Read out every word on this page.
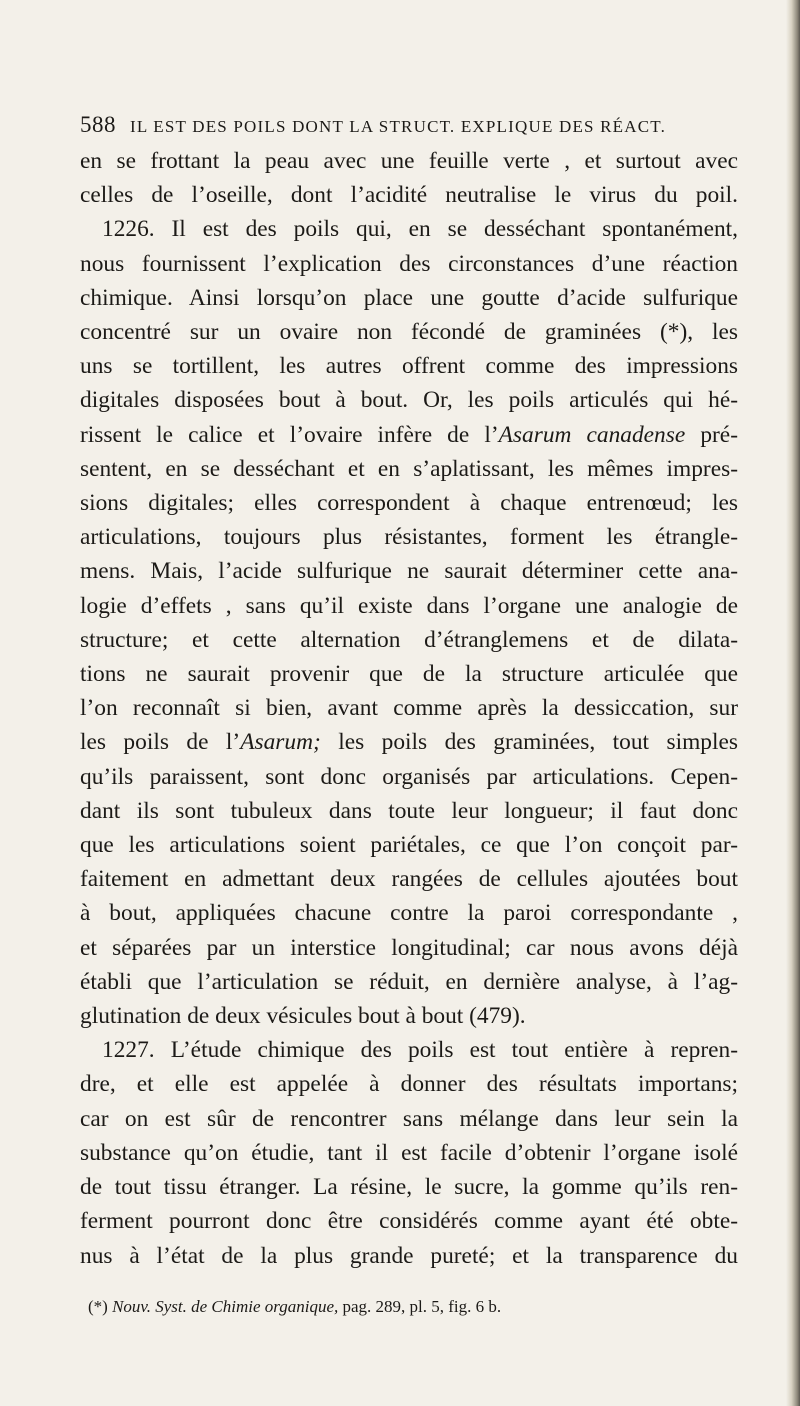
588 IL EST DES POILS DONT LA STRUCT. EXPLIQUE DES RÉACT.
en se frottant la peau avec une feuille verte , et surtout avec
celles de l’oseille, dont l’acidité neutralise le virus du poil.
1226. Il est des poils qui, en se desséchant spontanément,
nous fournissent l’explication des circonstances d’une réaction
chimique. Ainsi lorsqu’on place une goutte d’acide sulfurique
concentré sur un ovaire non fécondé de graminées (*), les
uns se tortillent, les autres offrent comme des impressions
digitales disposées bout à bout. Or, les poils articulés qui hé-
rissent le calice et l’ovaire infère de l’Asarum canadense pré-
sentent, en se desséchant et en s’aplatissant, les mêmes impres-
sions digitales; elles correspondent à chaque entrenœud; les
articulations, toujours plus résistantes, forment les étrangle-
mens. Mais, l’acide sulfurique ne saurait déterminer cette ana-
logie d’effets , sans qu’il existe dans l’organe une analogie de
structure; et cette alternation d’étranglemens et de dilata-
tions ne saurait provenir que de la structure articulée que
l’on reconnaît si bien, avant comme après la dessiccation, sur
les poils de l’Asarum; les poils des graminées, tout simples
qu’ils paraissent, sont donc organisés par articulations. Cepen-
dant ils sont tubuleux dans toute leur longueur; il faut donc
que les articulations soient pariétales, ce que l’on conçoit par-
faitement en admettant deux rangées de cellules ajoutées bout
à bout, appliquées chacune contre la paroi correspondante ,
et séparées par un interstice longitudinal; car nous avons déjà
établi que l’articulation se réduit, en dernière analyse, à l’ag-
glutination de deux vésicules bout à bout (479).
1227. L’étude chimique des poils est tout entière à repren-
dre, et elle est appelée à donner des résultats importans;
car on est sûr de rencontrer sans mélange dans leur sein la
substance qu’on étudie, tant il est facile d’obtenir l’organe isolé
de tout tissu étranger. La résine, le sucre, la gomme qu’ils ren-
ferment pourront donc être considérés comme ayant été obte-
nus à l’état de la plus grande pureté; et la transparence du
(*) Nouv. Syst. de Chimie organique, pag. 289, pl. 5, fig. 6 b.
